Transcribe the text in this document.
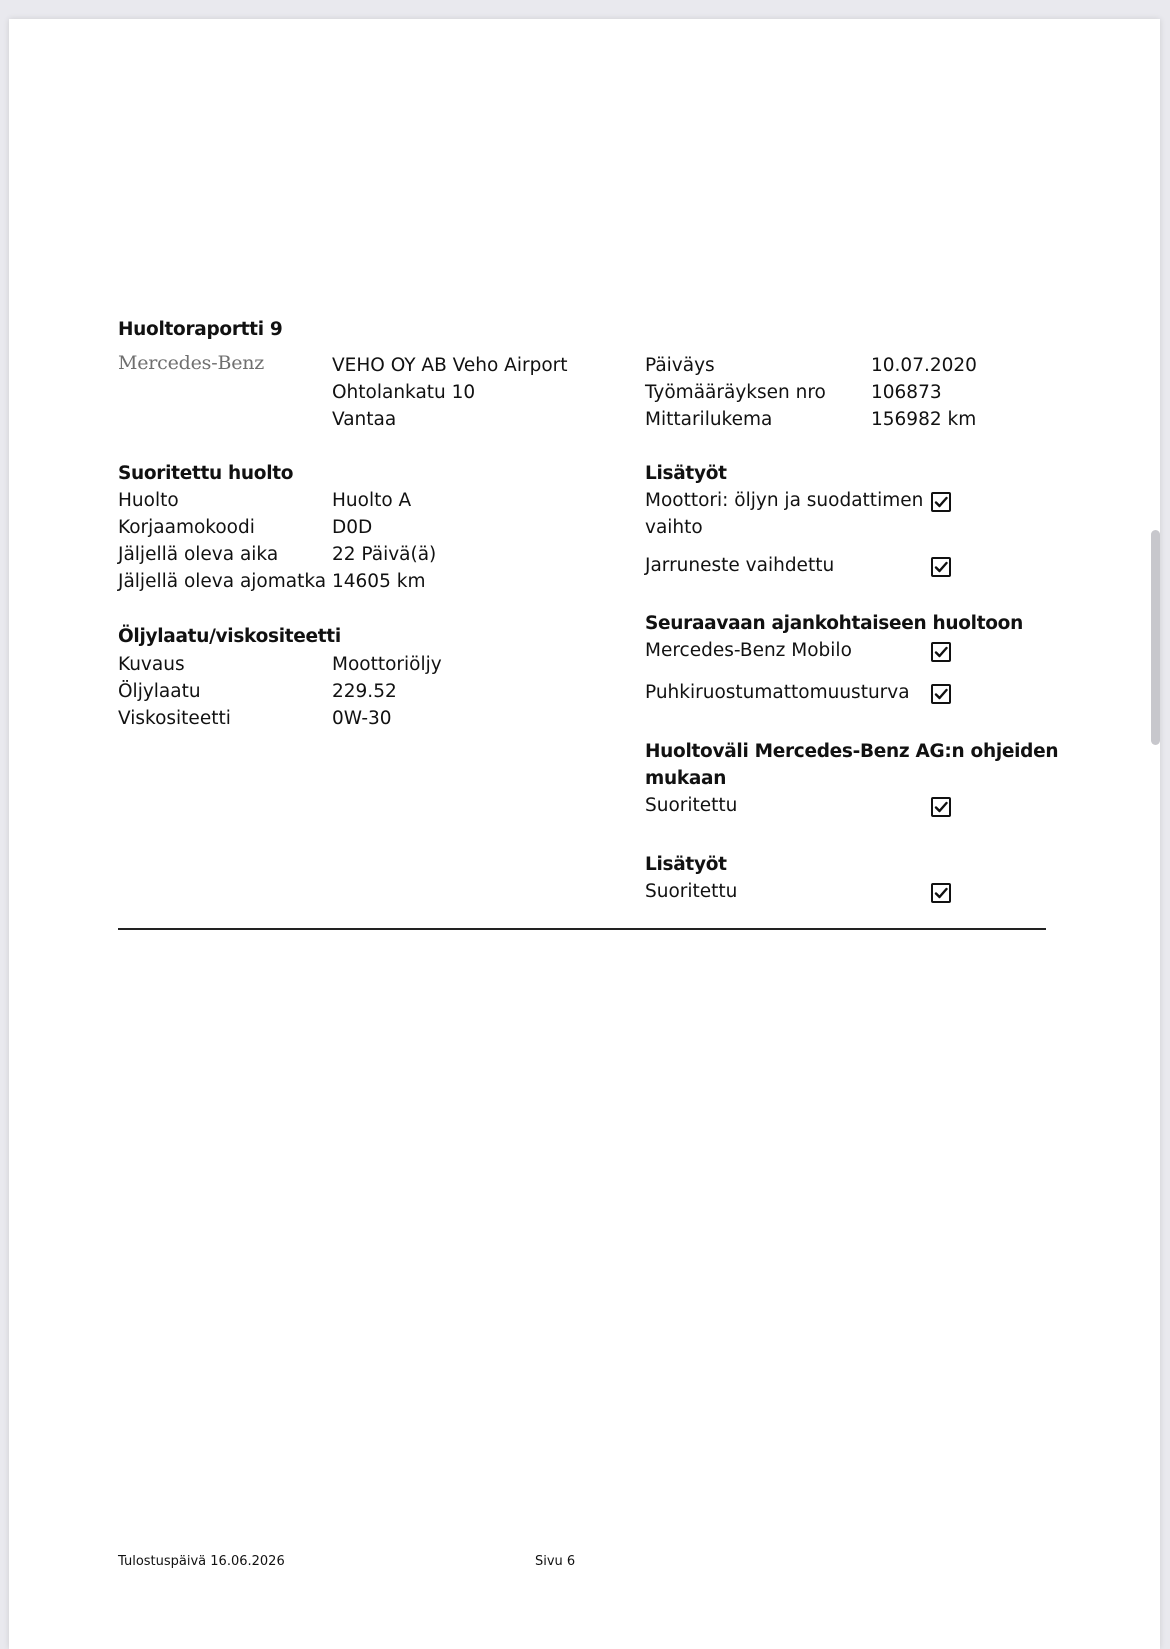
Huoltoraportti 9
Mercedes-Benz	VEHO OY AB Veho Airport
Ohtolankatu 10
Vantaa
Päiväys	10.07.2020
Työmääräyksen nro 106873
Mittarilukema	156982 km
Suoritettu huolto
Huolto	Huolto A
Korjaamokoodi	D0D
Jäljellä oleva aika	22 Päivä(ä)
Jäljellä oleva ajomatka 14605 km
Öljylaatu/viskositeetti
Kuvaus	Moottoriöljy
Öljylaatu	229.52
Viskositeetti	0W-30
Lisätyöt
Moottori: öljyn ja suodattimen
vaihto
Jarruneste vaihdettu
Seuraavaan ajankohtaiseen huoltoon
Mercedes-Benz Mobilo
Puhkiruostumattomuusturva
Huoltoväli Mercedes-Benz AG:n ohjeiden
mukaan
Suoritettu
Lisätyöt
Suoritettu
Tulostuspäivä 16.06.2026	Sivu 6
